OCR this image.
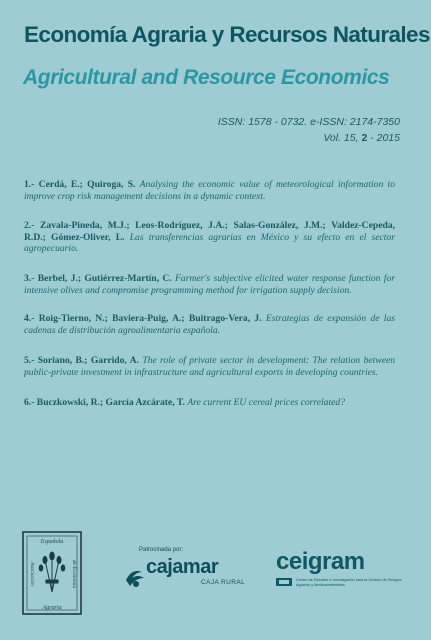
Economía Agraria y Recursos Naturales
Agricultural and Resource Economics
ISSN: 1578 - 0732. e-ISSN: 2174-7350
Vol. 15, 2 - 2015

1.- Cerdá, E.; Quiroga, S. Analysing the economic value of meteorological information to improve crop risk management decisions in a dynamic context.

2.- Zavala-Pineda, M.J.; Leos-Rodríguez, J.A.; Salas-González, J.M.; Valdez-Cepeda, R.D.; Gómez-Oliver, L. Las transferencias agrarias en México y su efecto en el sector agropecuario.

3.- Berbel, J.; Gutiérrez-Martín, C. Farmer's subjective elicited water response function for intensive olives and compromise programming method for irrigation supply decision.

4.- Roig-Tierno, N.; Baviera-Puig, A.; Buitrago-Vera, J. Estrategias de expansión de las cadenas de distribución agroalimentaria española.

5.- Soriano, B.; Garrido, A. The role of private sector in development: The relation between public-private investment in infrastructure and agricultural exports in developing countries.

6.- Buczkowski, R.; García Azcárate, T. Are current EU cereal prices correlated?

Española
Asociación	de Economía
Agraria
Patrocinada por:
cajamar
CAJA RURAL
ceigram
Centro de Estudios e Investigación para la Gestión de Riesgos Agrarios y Medioambientales
